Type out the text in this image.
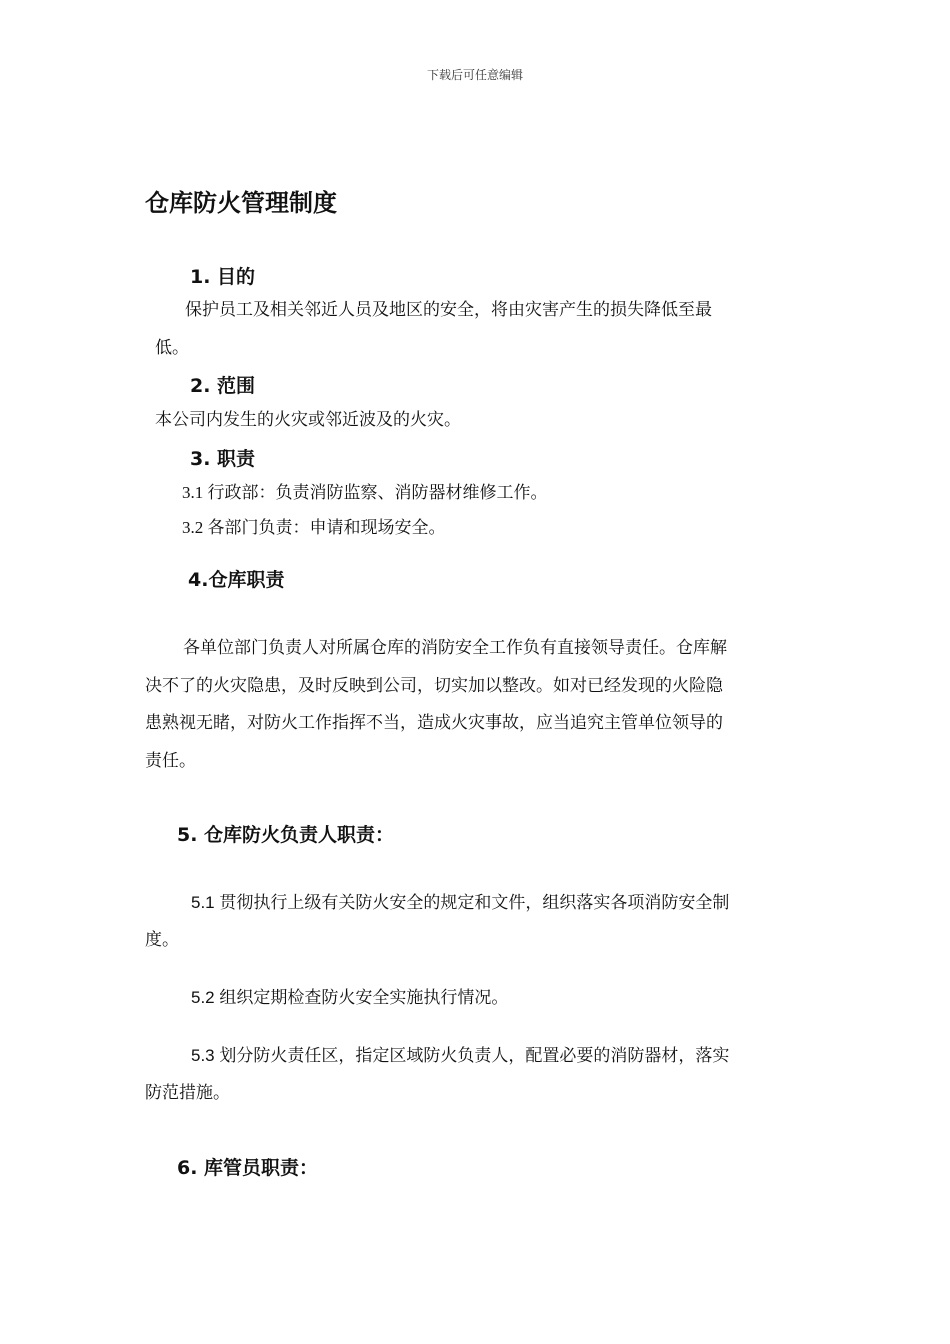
下载后可任意编辑
仓库防火管理制度
1. 目的
保护员工及相关邻近人员及地区的安全，将由灾害产生的损失降低至最
低。
2. 范围
本公司内发生的火灾或邻近波及的火灾。
3. 职责
3.1 行政部：负责消防监察、消防器材维修工作。
3.2 各部门负责：申请和现场安全。
4.仓库职责
各单位部门负责人对所属仓库的消防安全工作负有直接领导责任。仓库解
决不了的火灾隐患，及时反映到公司，切实加以整改。如对已经发现的火险隐
患熟视无睹，对防火工作指挥不当，造成火灾事故，应当追究主管单位领导的
责任。
5. 仓库防火负责人职责：
5.1 贯彻执行上级有关防火安全的规定和文件，组织落实各项消防安全制
度。
5.2 组织定期检查防火安全实施执行情况。
5.3 划分防火责任区，指定区域防火负责人，配置必要的消防器材，落实
防范措施。
6. 库管员职责：
